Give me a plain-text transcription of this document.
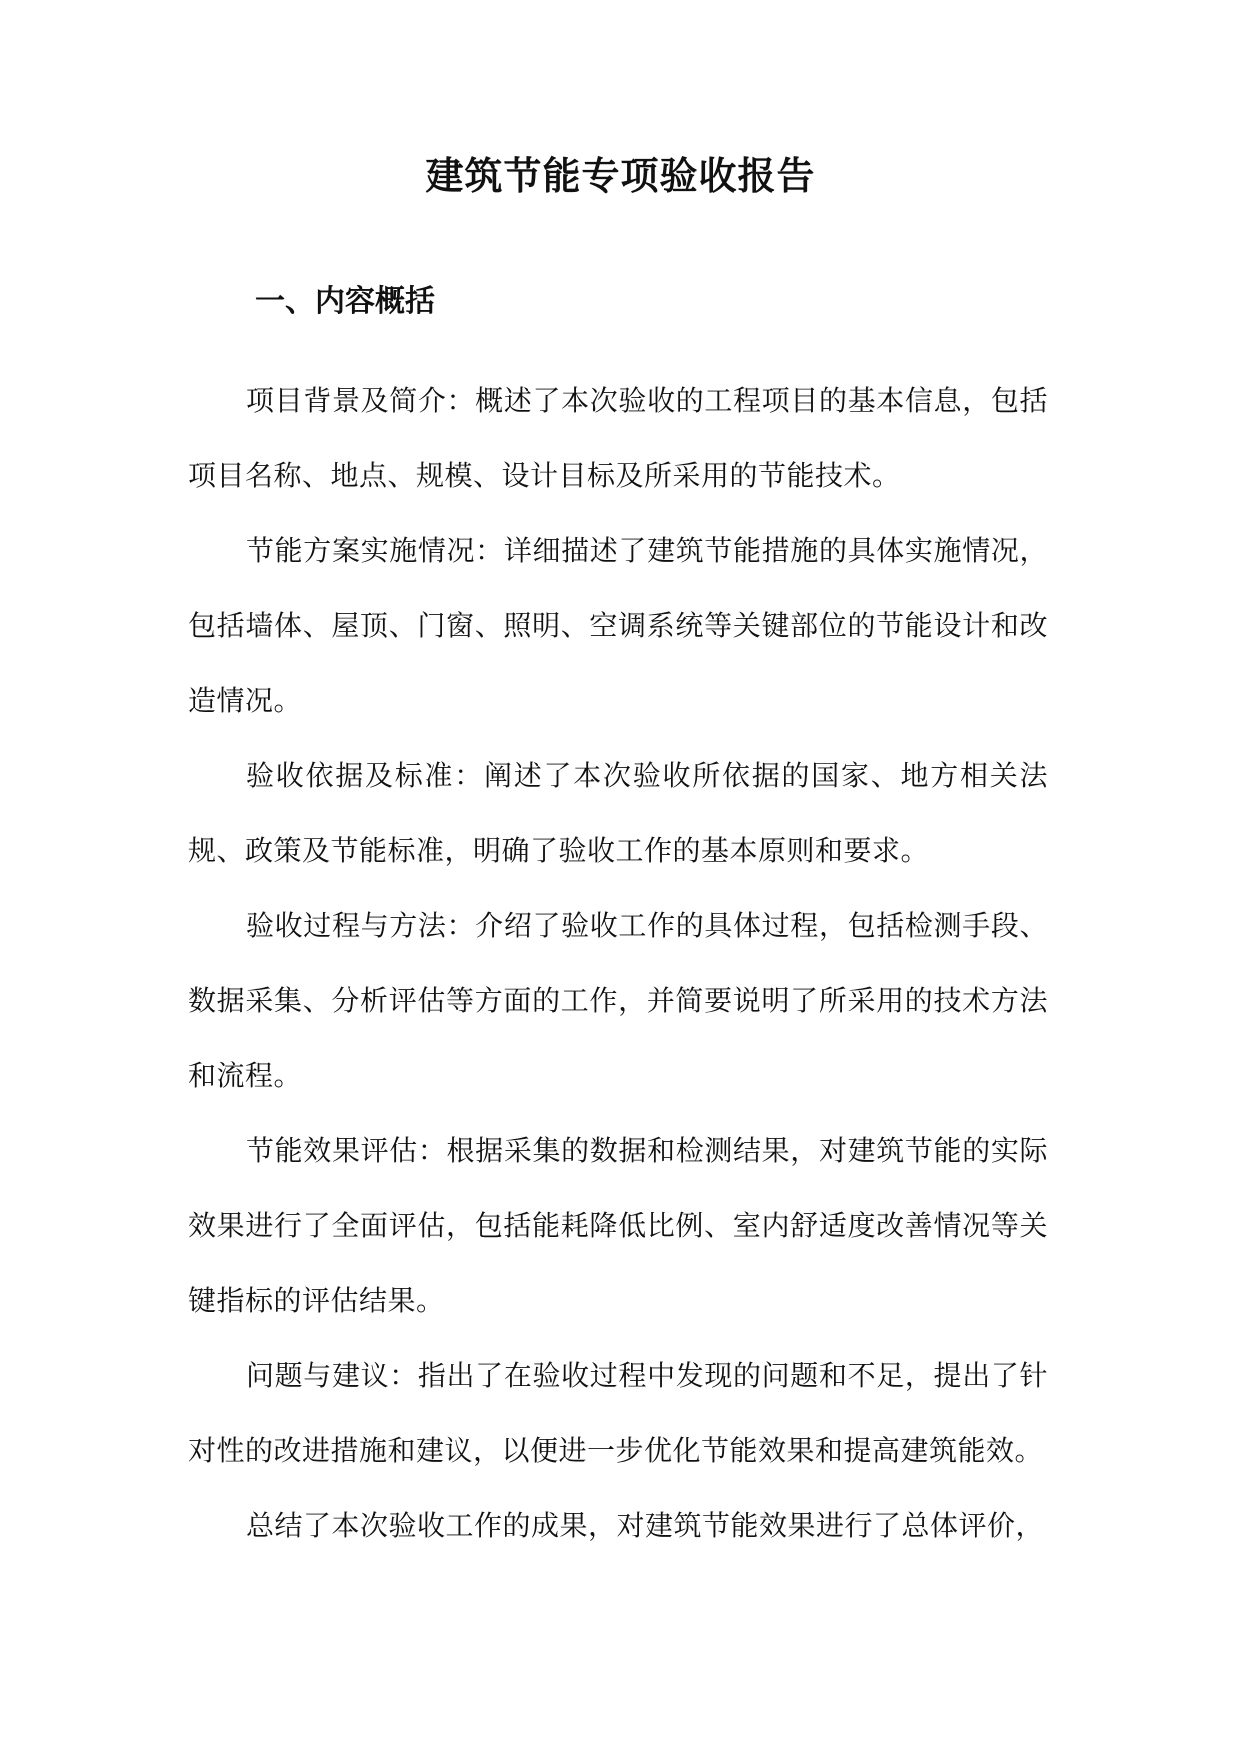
建筑节能专项验收报告
一、内容概括

项目背景及简介：概述了本次验收的工程项目的基本信息，包括项目名称、地点、规模、设计目标及所采用的节能技术。

节能方案实施情况：详细描述了建筑节能措施的具体实施情况，包括墙体、屋顶、门窗、照明、空调系统等关键部位的节能设计和改造情况。

验收依据及标准：阐述了本次验收所依据的国家、地方相关法规、政策及节能标准，明确了验收工作的基本原则和要求。

验收过程与方法：介绍了验收工作的具体过程，包括检测手段、数据采集、分析评估等方面的工作，并简要说明了所采用的技术方法和流程。

节能效果评估：根据采集的数据和检测结果，对建筑节能的实际效果进行了全面评估，包括能耗降低比例、室内舒适度改善情况等关键指标的评估结果。

问题与建议：指出了在验收过程中发现的问题和不足，提出了针对性的改进措施和建议，以便进一步优化节能效果和提高建筑能效。

总结了本次验收工作的成果，对建筑节能效果进行了总体评价，
